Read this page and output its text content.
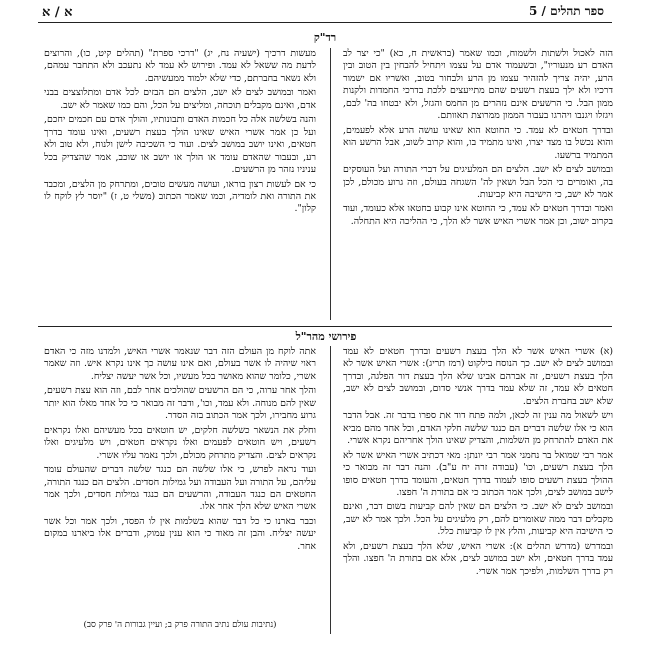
א / א	ספר תהלים / 5
רד"ק

הזה לאכול ולשתות ולשמוח, וכמו שאמר (בראשית ח, כא) "כי יצר לב האדם רע מנעוריו", ובשעמוד אדם על עצמו ויתחיל להבחין בין הטוב ובין הרע, יהיה צריך להזהיר עצמו מן הרע ולבחור בטוב, ואשריו אם ישמור דרכיו ולא ילך בעצת רשעים שהם מתייעצים ללכת בדרכי החמדות ולקנות ממון הבל. כי הרשעים אינם נזהרים מן החמס והגזל, ולא יבטחו בה' לבם, ויגזלו ויגנבו ויהרגו בעבור הממון ממרוצת תאוותם.

ובדרך חטאים לא עמד. כי החוטא הוא שאינו עושה הרע אלא לפעמים, והוא נכשל בו מצד יצרו, ואינו מתמיד בו, והוא קרוב לשוב, אבל הרשע הוא המתמיד ברשעו.

ובמושב לצים לא ישב. הלצים הם המלעיגים על דברי התורה ועל העוסקים בה, ואומרים כי הכל הבל ושאין לה' השגחה בעולם, וזה גרוע מכולם, לכן אמר לא ישב, כי הישיבה היא קביעות.

ואמר ובדרך חטאים לא עמד, כי החוטא אינו קבוע בחטאו אלא כעומד, ועוד בקרוב ישוב, וכן אמר אשרי האיש אשר לא הלך, כי ההליכה היא התחלה.

מעשות דרכיך (ישעיה נח, יג) "דרכי ספרת" (תהלים קיט, כו), והרוצים לדעת מה ששאל לא עמד. ופירוש לא עמד לא נתעכב ולא התחבר עמהם, ולא נשאר בחברתם, כדי שלא ילמוד ממעשיהם.

ואמר ובמושב לצים לא ישב, הלצים הם הבזים לכל אדם ומתלוצצים בבני אדם, ואינם מקבלים תוכחה, ומליצים על הכל, והם כמו שאמר לא ישב.

והנה בשלשה אלה כל חכמות האדם ותבונותיו, והולך אדם עם חכמים יחכם, ועל כן אמר אשרי האיש שאינו הולך בעצת רשעים, ואינו עומד בדרך חטאים, ואינו יושב במושב לצים. ועוד כי השכיבה לישן ולנוח, ולא טוב ולא רע, ובעבור שהאדם עומד או הולך או יושב או שוכב, אמר שהצדיק בכל עניניו נזהר מן הרשעים.

כי אם לעשות רצון בוראו, ועושה מעשים טובים, ומתרחק מן הלצים, ומכבד את התורה ואת לומדיה, וכמו שאמר הכתוב (משלי ט, ז) "יוסר לץ לוקח לו קלון".

פירושי מהר"ל

(א) אשרי האיש אשר לא הלך בעצת רשעים ובדרך חטאים לא עמד ובמושב לצים לא ישב. כך הנוסח בילקוט (רמז תריג): אשרי האיש אשר לא הלך בעצת רשעים, זה אברהם אבינו שלא הלך בעצת דור הפלגה, ובדרך חטאים לא עמד, זה שלא עמד בדרך אנשי סדום, ובמושב לצים לא ישב, שלא ישב בחברת הלצים.

ויש לשאול מה ענין זה לכאן, ולמה פתח דוד את ספרו בדבר זה. אבל הדבר הוא כי אלו שלשה דברים הם כנגד שלשה חלקי האדם, וכל אחד מהם מביא את האדם להתרחק מן השלמות, והצדיק שאינו הולך אחריהם נקרא אשרי.

אמר רבי שמואל בר נחמני אמר רבי יונתן: מאי דכתיב אשרי האיש אשר לא הלך בעצת רשעים, וכו' (עבודה זרה יח ע"ב). והנה דבר זה מבואר כי ההולך בעצת רשעים סופו לעמוד בדרך חטאים, והעומד בדרך חטאים סופו לישב במושב לצים, ולכך אמר הכתוב כי אם בתורת ה' חפצו.

ובמושב לצים לא ישב. כי הלצים הם שאין להם קביעות בשום דבר, ואינם מקבלים דבר ממה שאומרים להם, רק מלעיגים על הכל. ולכך אמר לא ישב, כי הישיבה היא קביעות, והלץ אין לו קביעות כלל.

ובמדרש (מדרש תהלים א): אשרי האיש, שלא הלך בעצת רשעים, ולא עמד בדרך חטאים, ולא ישב במושב לצים, אלא אם בתורת ה' חפצו. והלך רק בדרך השלמות, ולפיכך אמר אשרי.

אתה לוקח מן העולם הזה דבר שנאמר אשרי האיש, ולמדנו מזה כי האדם ראוי שיהיה לו אשר בעולם, ואם אינו עושה כך אינו נקרא איש. וזה שאמר אשרי, כלומר שהוא מאושר בכל מעשיו, וכל אשר יעשה יצליח.

והלך אחר ערוה, כי הם הרשעים שהולכים אחר לבם, וזה הוא עצת רשעים, שאין להם מנוחה. ולא עמד, וכו', ודבר זה מבואר כי כל אחד מאלו הוא יותר גרוע מחבירו, ולכך אמר הכתוב בזה הסדר.

וחלק את הנשאר כשלשה חלקים, יש חוטאים בכל מעשיהם ואלו נקראים רשעים, ויש חוטאים לפעמים ואלו נקראים חטאים, ויש מלעיגים ואלו נקראים לצים. והצדיק מתרחק מכולם, ולכך נאמר עליו אשרי.

ועוד נראה לפרש, כי אלו שלשה הם כנגד שלשה דברים שהעולם עומד עליהם, על התורה ועל העבודה ועל גמילות חסדים. הלצים הם כנגד התורה, החטאים הם כנגד העבודה, והרשעים הם כנגד גמילות חסדים, ולכך אמר אשרי האיש שלא הלך אחר אלו.

וכבר בארנו כי כל דבר שהוא בשלמות אין לו הפסד, ולכך אמר וכל אשר יעשה יצליח. והבן זה מאוד כי הוא ענין עמוק, ודברים אלו ביארנו במקום אחר.

(נתיבות עולם נתיב התורה פרק ב; ועיין גבורות ה' פרק סב)
